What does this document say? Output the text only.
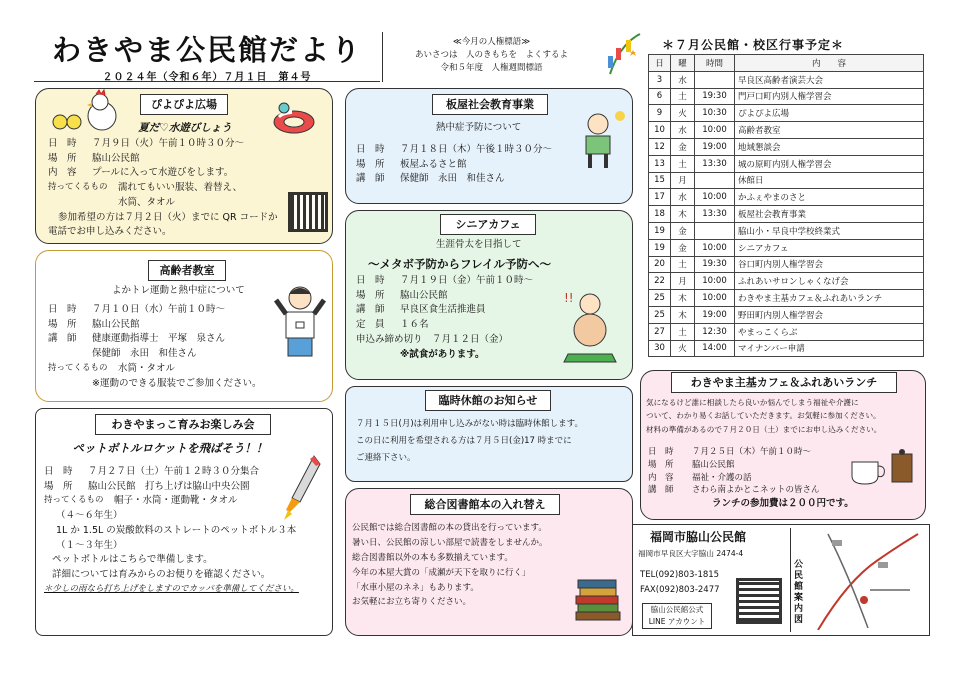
わきやま公民館だより
２０２４年（令和６年）７月１日　第４号
≪今月の人権標語≫
あいさつは　人のきもちを　よくするよ
令和５年度　人権週間標語
ぴよぴよ広場
夏だ♡水遊びしょう
日　時	７月９日（火）午前１０時３０分～
場　所	脇山公民館
内　容	プールに入って水遊びをします。
持ってくるもの	濡れてもいい服装、着替え、
水筒、タオル
参加希望の方は７月２日（火）までに QR コードか
電話でお申し込みください。
高齢者教室
よかトレ運動と熱中症について
日　時	７月１０日（水）午前１０時～
場　所	脇山公民館
講　師	健康運動指導士　平塚　泉さん
保健師　永田　和佳さん
持ってくるもの	水筒・タオル
※運動のできる服装でご参加ください。
わきやまっこ育みお楽しみ会
ペットボトルロケットを飛ばそう！！
日　時	７月２７日（土）午前１２時３０分集合
場　所	脇山公民館　打ち上げは脇山中央公園
持ってくるもの	帽子・水筒・運動靴・タオル
（４～６年生）
1L か 1.5L の炭酸飲料のストレートのペットボトル３本
（１～３年生）
ペットボトルはこちらで準備します。
詳細については育みからのお便りを確認ください。
＊少しの雨なら打ち上げをしますのでカッパを準備してください。
板屋社会教育事業
熱中症予防について
日　時	７月１８日（木）午後１時３０分～
場　所	板屋ふるさと館
講　師	保健師　永田　和佳さん
シニアカフェ
生涯骨太を目指して
～メタボ予防からフレイル予防へ～
日　時	７月１９日（金）午前１０時～
場　所	脇山公民館
講　師	早良区食生活推進員
定　員	１６名
申込み締め切り　７月１２日（金）
※試食があります。
!!
臨時休館のお知らせ
７月１５日(月)は利用申し込みがない時は臨時休館します。
この日に利用を希望される方は７月５日(金)17 時までに
ご連絡下さい。
総合図書館本の入れ替え
公民館では総合図書館の本の貸出を行っています。
暑い日、公民館の涼しい部屋で読書をしませんか。
総合図書館以外の本も多数揃えています。
今年の本屋大賞の「成瀬が天下を取りに行く」
「水車小屋のネネ」もあります。
お気軽にお立ち寄りください。
＊７月公民館・校区行事予定＊
日	曜	時間	内　　容
3	水		早良区高齢者演芸大会
6	土	19:30	門戸口町内別人権学習会
9	火	10:30	ぴよぴよ広場
10	水	10:00	高齢者教室
12	金	19:00	地域懇談会
13	土	13:30	城の原町内別人権学習会
15	月		休館日
17	水	10:00	かふぇやまのさと
18	木	13:30	板屋社会教育事業
19	金		脇山小・早良中学校終業式
19	金	10:00	シニアカフェ
20	土	19:30	谷口町内別人権学習会
22	月	10:00	ふれあいサロンしゃくなげ会
25	木	10:00	わきやま主基カフェ＆ふれあいランチ
25	木	19:00	野田町内別人権学習会
27	土	12:30	やまっこくらぶ
30	火	14:00	マイナンバー申請
わきやま主基カフェ＆ふれあいランチ
気になるけど誰に相談したら良いか悩んでしまう福祉や介護に
ついて、わかり易くお話していただきます。お気軽に参加ください。
材料の準備があるので７月２０日（土）までにお申し込みください。
日　時	７月２５日（木）午前１０時～
場　所	脇山公民館
内　容	福祉・介護の話
講　師	さわら南よかとこネットの皆さん
ランチの参加費は２００円です。
福岡市脇山公民館
福岡市早良区大字脇山 2474-4
TEL(092)803-1815
FAX(092)803-2477
脇山公民館公式
LINE アカウント
公民館案内図
